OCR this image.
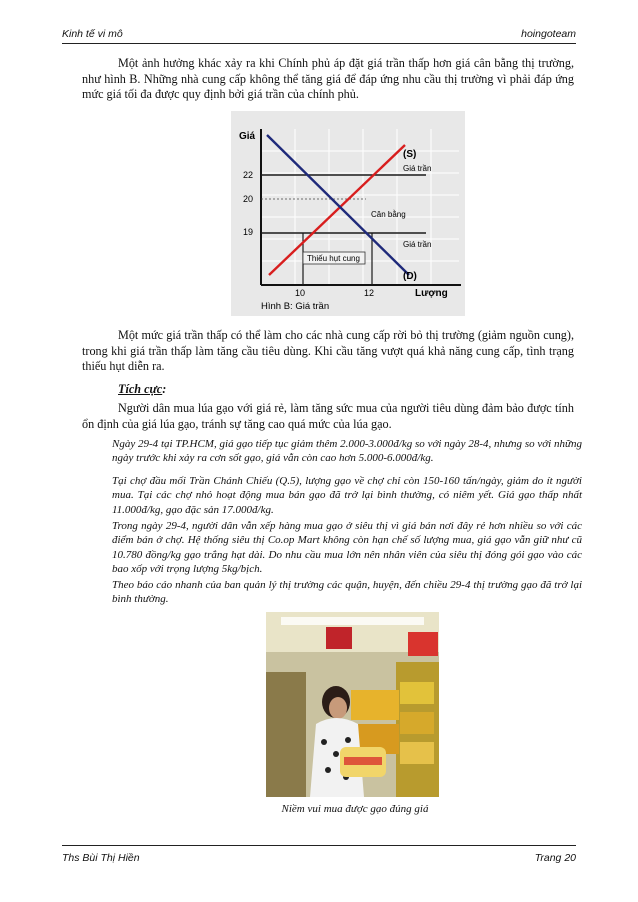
Kinh tế vi mô	hoingoteam

Một ảnh hưởng khác xảy ra khi Chính phủ áp đặt giá trần thấp hơn giá cân bằng thị trường, như hình B. Những nhà cung cấp không thể tăng giá để đáp ứng nhu cầu thị trường vì phải đáp ứng mức giá tối đa được quy định bởi giá trần của chính phủ.

Giá
22
20
19
10	12	Lượng
(S)
(D)
Giá trần
Cân bằng
Giá trần
Thiếu hụt cung
Hình B: Giá trần

Một mức giá trần thấp có thể làm cho các nhà cung cấp rời bỏ thị trường (giảm nguồn cung), trong khi giá trần thấp làm tăng cầu tiêu dùng. Khi cầu tăng vượt quá khả năng cung cấp, tình trạng thiếu hụt diễn ra.

Tích cực:

Người dân mua lúa gạo với giá rẻ, làm tăng sức mua của người tiêu dùng đảm bảo được tính ổn định của giá lúa gạo, tránh sự tăng cao quá mức của lúa gạo.

Ngày 29-4 tại TP.HCM, giá gạo tiếp tục giảm thêm 2.000-3.000đ/kg so với ngày 28-4, nhưng so với những ngày trước khi xảy ra cơn sốt gạo, giá vẫn còn cao hơn 5.000-6.000đ/kg.

Tại chợ đầu mối Trần Chánh Chiếu (Q.5), lượng gạo về chợ chỉ còn 150-160 tấn/ngày, giảm do ít người mua. Tại các chợ nhỏ hoạt động mua bán gạo đã trở lại bình thường, có niêm yết. Giá gạo thấp nhất 11.000đ/kg, gạo đặc sản 17.000đ/kg.

Trong ngày 29-4, người dân vẫn xếp hàng mua gạo ở siêu thị vì giá bán nơi đây rẻ hơn nhiều so với các điểm bán ở chợ. Hệ thống siêu thị Co.op Mart không còn hạn chế số lượng mua, giá gạo vẫn giữ như cũ 10.780 đồng/kg gạo trắng hạt dài. Do nhu cầu mua lớn nên nhân viên của siêu thị đóng gói gạo vào các bao xốp với trọng lượng 5kg/bịch.

Theo báo cáo nhanh của ban quản lý thị trường các quận, huyện, đến chiều 29-4 thị trường gạo đã trở lại bình thường.

Niềm vui mua được gạo đúng giá
Ths Bùi Thị Hiền	Trang 20
